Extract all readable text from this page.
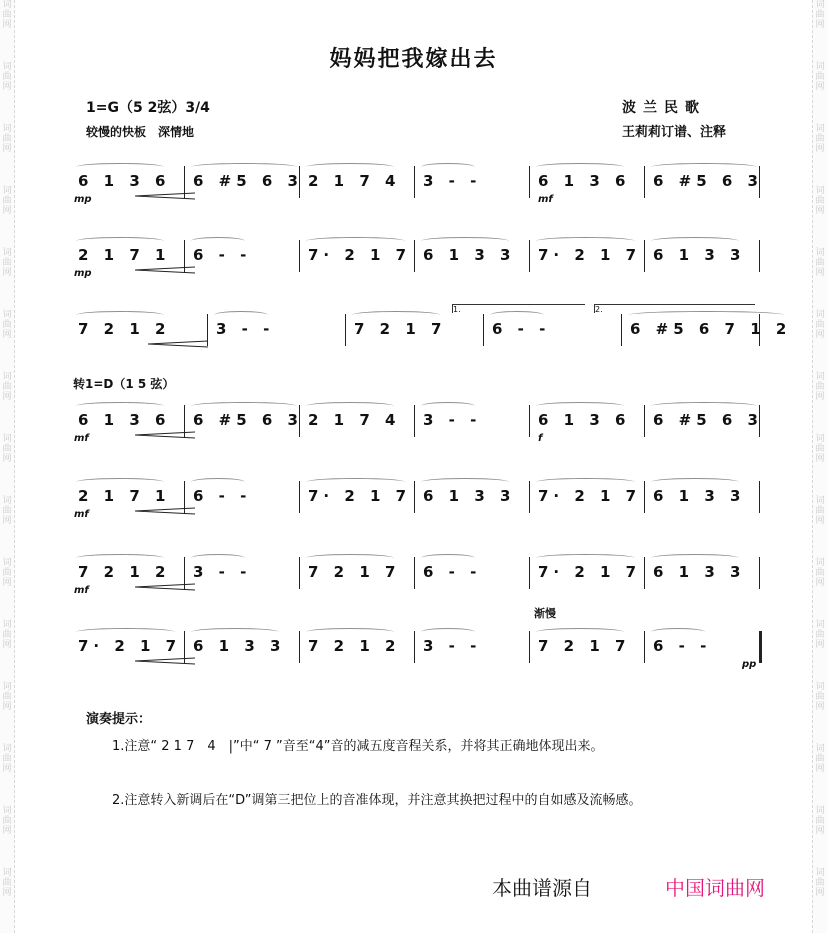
词
曲
网
词
曲
网
词
曲
网
词
曲
网
词
曲
网
词
曲
网
词
曲
网
词
曲
网
词
曲
网
词
曲
网
词
曲
网
词
曲
网
词
曲
网
词
曲
网
词
曲
网
词
曲
网
词
曲
网
词
曲
网
词
曲
网
词
曲
网
词
曲
网
词
曲
网
词
曲
网
词
曲
网
词
曲
网
词
曲
网
词
曲
网
词
曲
网
词
曲
网
词
曲
网
妈妈把我嫁出去
1=G（5 2弦）3/4
较慢的快板　深情地
波兰民歌
王莉莉订谱、注释
6 1 3 6 6 #5 6 3 2 1 7 4 3 - -	6 1 3 6 6 #5 6 3
mp	mf
2 1 7 1 6 - -	7· 2 1 7 6 1 3 3 7· 2 1 7 6 1 3 3
mp
7 2 1 2	3 - -	7 2 1 7	6 - -	6 #5 6 7 1 2
1.	2.
6 1 3 6 6 #5 6 3 2 1 7 4 3 - -	6 1 3 6 6 #5 6 3
mf	f
2 1 7 1 6 - -	7· 2 1 7 6 1 3 3 7· 2 1 7 6 1 3 3
mf
7 2 1 2 3 - -	7 2 1 7 6 - -	7· 2 1 7 6 1 3 3
mf
7· 2 1 7 6 1 3 3 7 2 1 2 3 - -	7 2 1 7 6 - -
pp
渐慢
转1=D（1 5 弦）
演奏提示：
1.注意“ 2 1 7　4　|”中“ 7 ”音至“4”音的减五度音程关系，并将其正确地体现出来。
2.注意转入新调后在“D”调第三把位上的音准体现，并注意其换把过程中的自如感及流畅感。
本曲谱源自	中国词曲网
